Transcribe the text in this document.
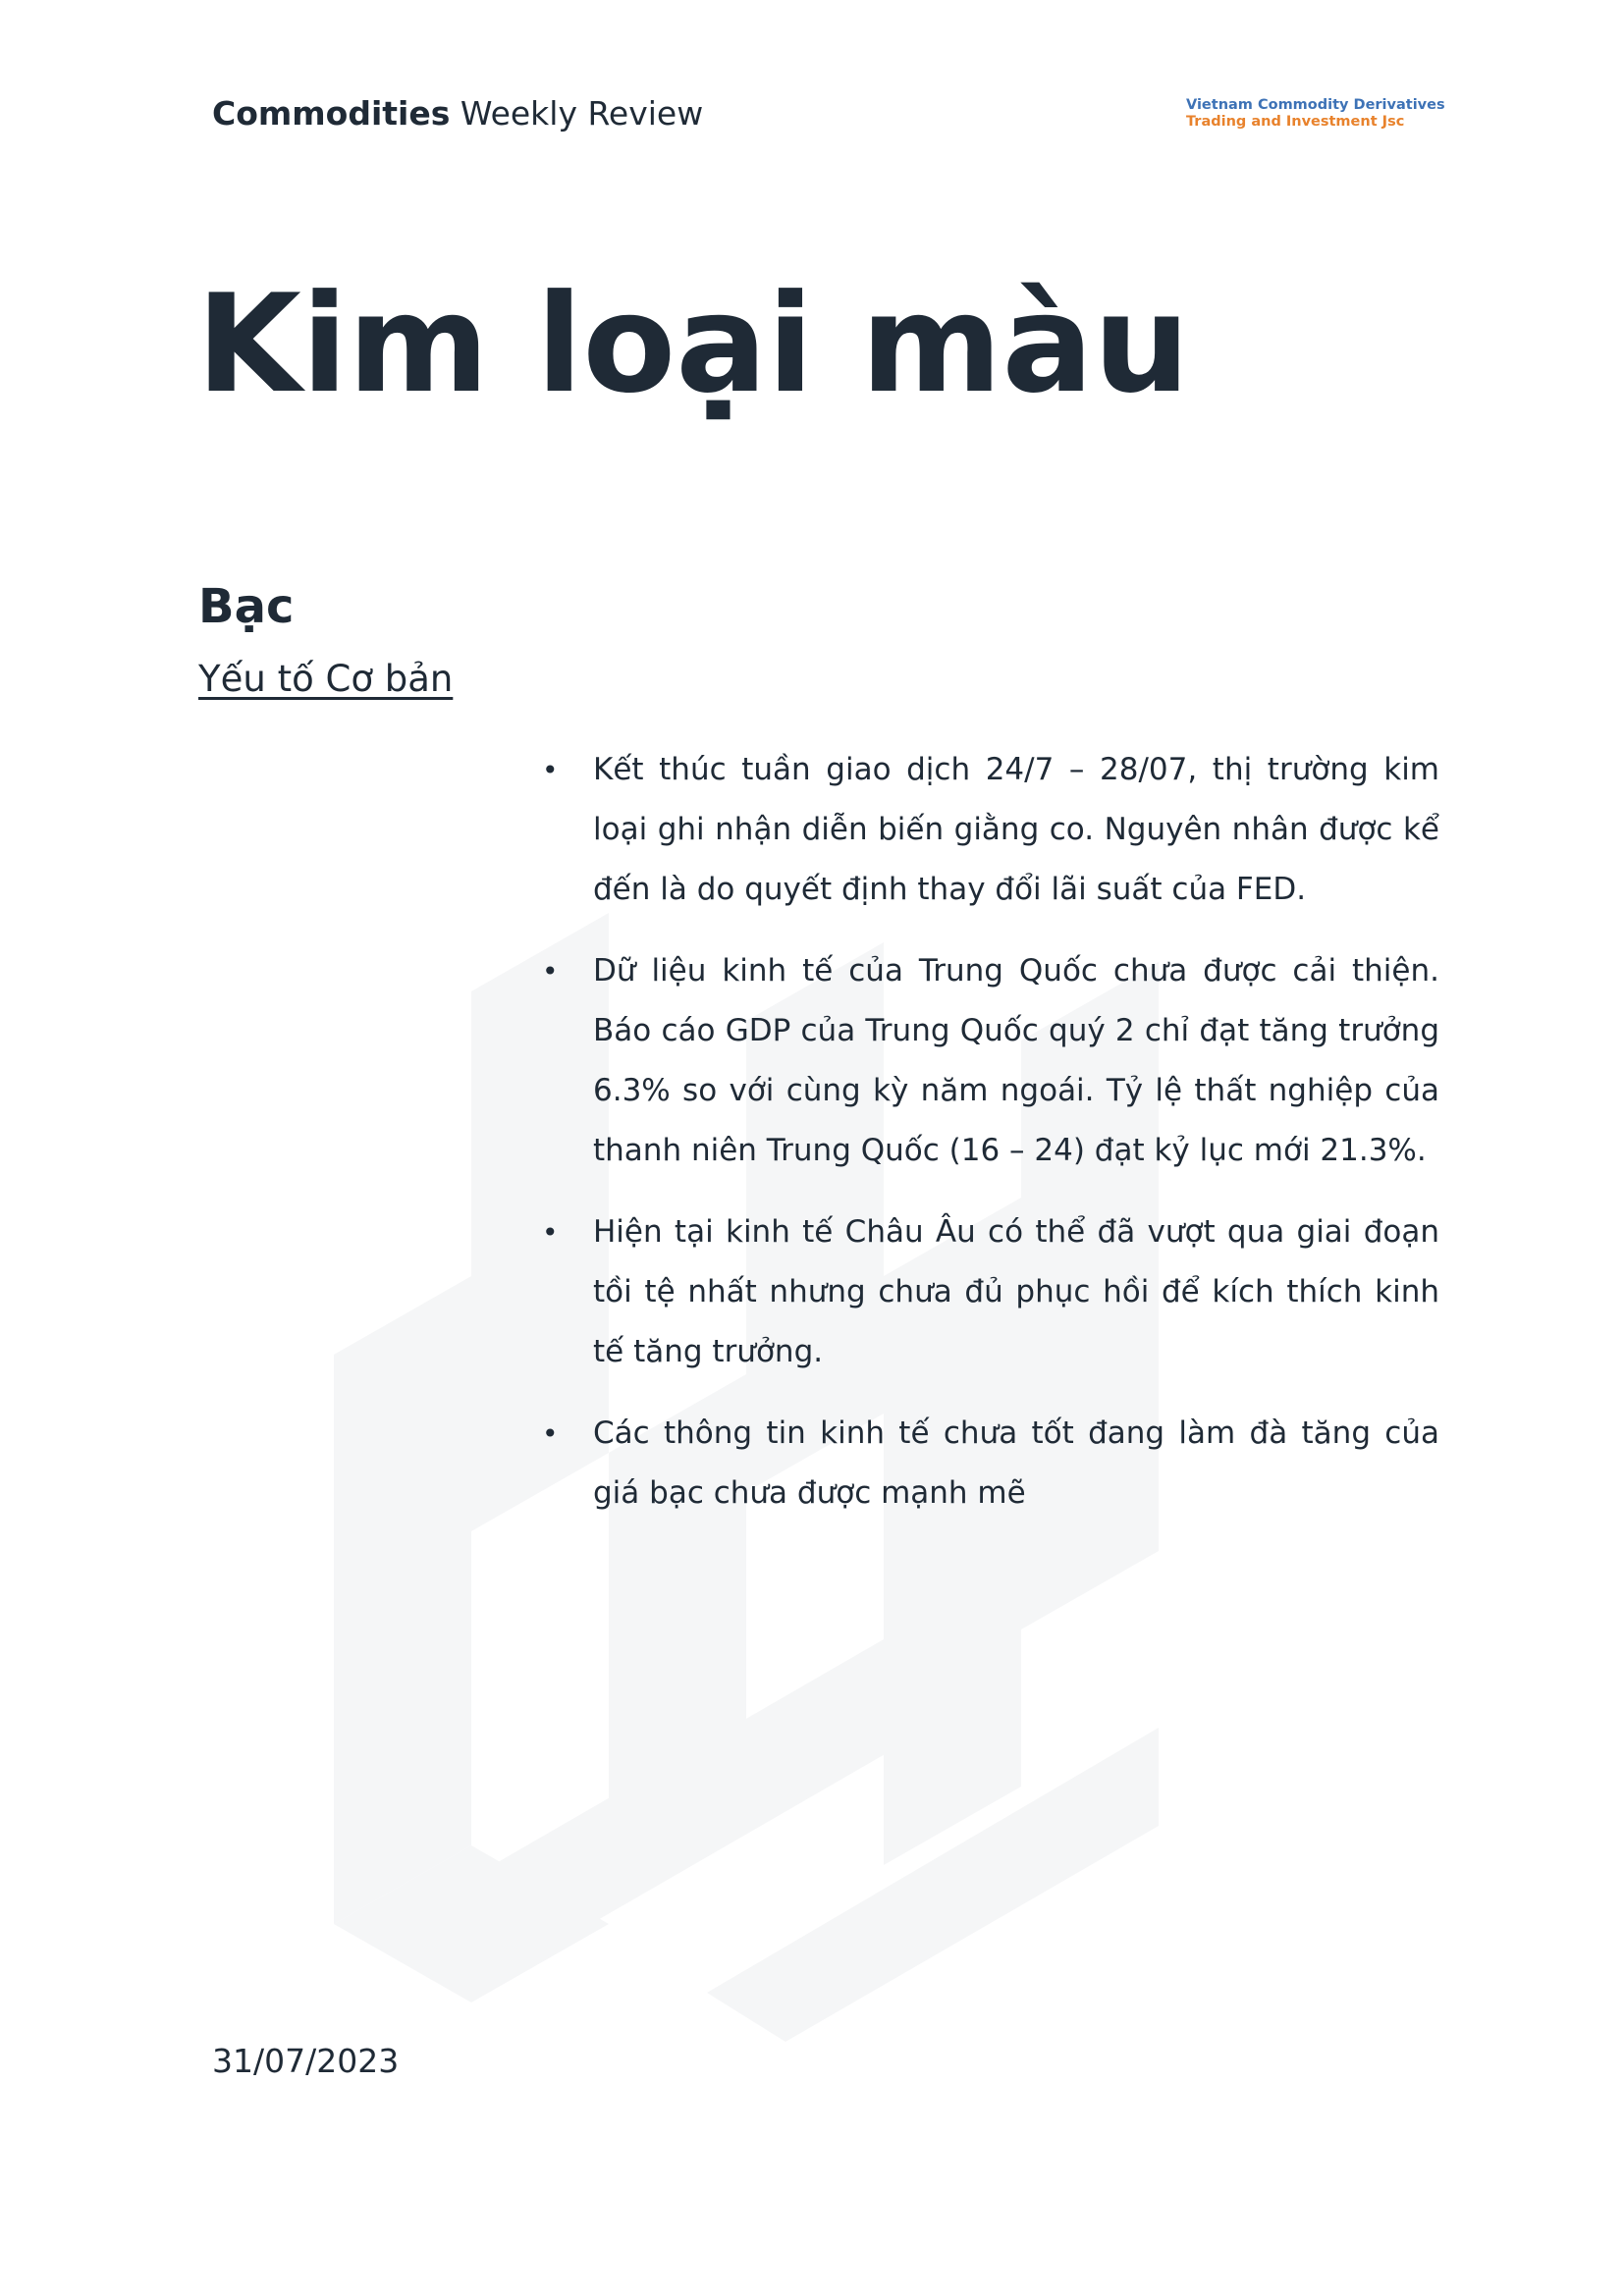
Commodities Weekly Review	Vietnam Commodity Derivatives
Trading and Investment Jsc
Kim loại màu
Bạc
Yếu tố Cơ bản
• Kết thúc tuần giao dịch 24/7 – 28/07, thị trường kim loại ghi nhận diễn biến giằng co. Nguyên nhân được kể đến là do quyết định thay đổi lãi suất của FED.
• Dữ liệu kinh tế của Trung Quốc chưa được cải thiện. Báo cáo GDP của Trung Quốc quý 2 chỉ đạt tăng trưởng 6.3% so với cùng kỳ năm ngoái. Tỷ lệ thất nghiệp của thanh niên Trung Quốc (16 – 24) đạt kỷ lục mới 21.3%.
• Hiện tại kinh tế Châu Âu có thể đã vượt qua giai đoạn tồi tệ nhất nhưng chưa đủ phục hồi để kích thích kinh tế tăng trưởng.
• Các thông tin kinh tế chưa tốt đang làm đà tăng của giá bạc chưa được mạnh mẽ
31/07/2023
